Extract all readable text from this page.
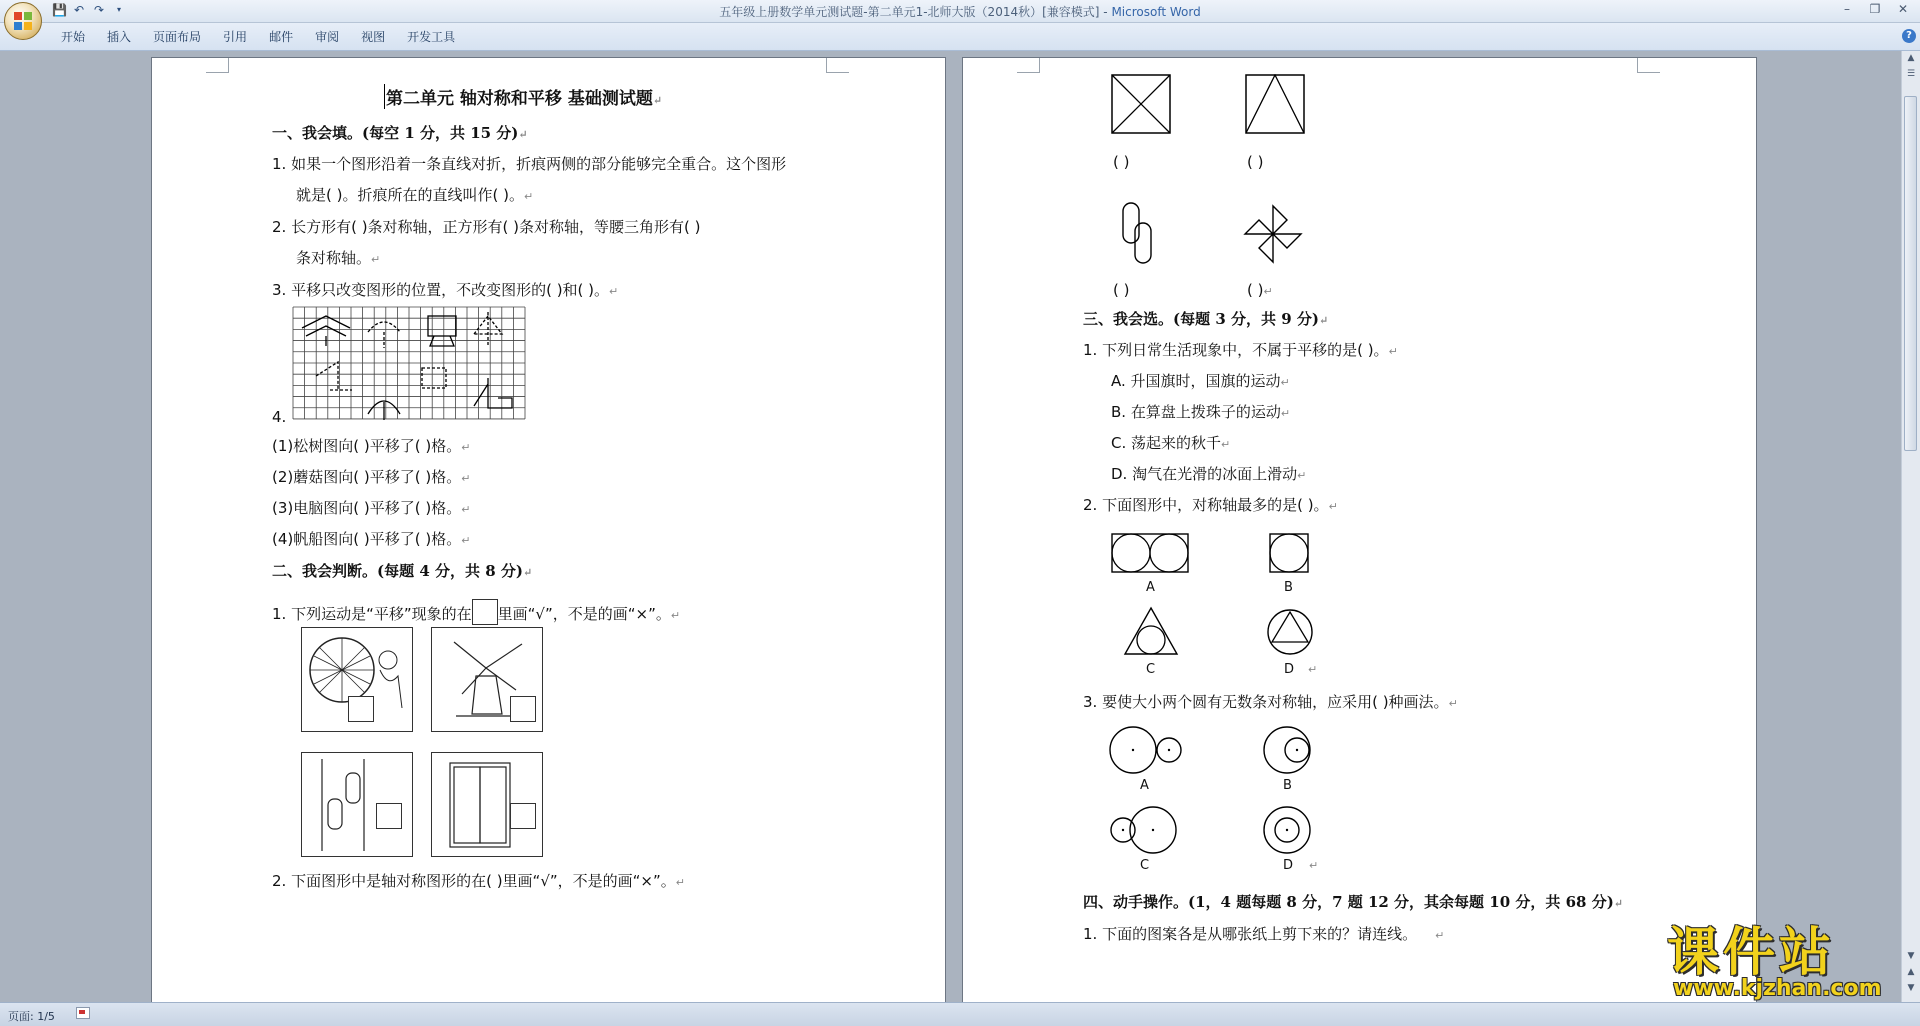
💾 ↶ ↷	▾	五年级上册数学单元测试题-第二单元1-北师大版（2014秋）[兼容模式] - Microsoft Word	–	❐	✕
开始	插入	页面布局	引用	邮件	审阅	视图	开发工具	?
第二单元 轴对称和平移 基础测试题↵
一、我会填。(每空 1 分，共 15 分)↵
1. 如果一个图形沿着一条直线对折，折痕两侧的部分能够完全重合。这个图形
就是( )。折痕所在的直线叫作( )。↵
2. 长方形有( )条对称轴，正方形有( )条对称轴，等腰三角形有( )
条对称轴。↵
3. 平移只改变图形的位置，不改变图形的( )和( )。↵
4.
(1)松树图向( )平移了( )格。↵
(2)蘑菇图向( )平移了( )格。↵
(3)电脑图向( )平移了( )格。↵
(4)帆船图向( )平移了( )格。↵
二、我会判断。(每题 4 分，共 8 分)↵
1. 下列运动是“平移”现象的在 里画“√”，不是的画“×”。↵
2. 下面图形中是轴对称图形的在( )里画“√”，不是的画“×”。↵
( )	( )
( )	( )↵
三、我会选。(每题 3 分，共 9 分)↵
1. 下列日常生活现象中，不属于平移的是( )。↵
A. 升国旗时，国旗的运动↵
B. 在算盘上拨珠子的运动↵
C. 荡起来的秋千↵
D. 淘气在光滑的冰面上滑动↵
2. 下面图形中，对称轴最多的是( )。↵
A	B
C	D ↵
3. 要使大小两个圆有无数条对称轴，应采用( )种画法。↵
A	B
C	D ↵
四、动手操作。(1，4 题每题 8 分，7 题 12 分，其余每题 10 分，共 68 分)↵
1. 下面的图案各是从哪张纸上剪下来的？请连线。 ↵
▲
☰
▼
▲
▼
页面: 1/5
课件站
www.kjzhan.com
